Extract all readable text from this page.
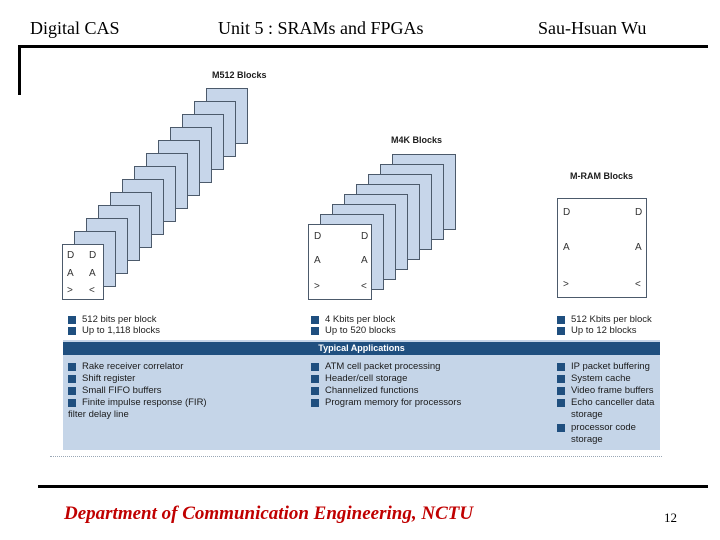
Digital CAS	Unit 5 : SRAMs and FPGAs	Sau-Hsuan Wu
M512 Blocks
D D
A A
> <
M4K Blocks
D	D
A	A
>	<
M-RAM Blocks
D	D
A	A
>	<
512 bits per block
Up to 1,118 blocks
4 Kbits per block
Up to 520 blocks
512 Kbits per block
Up to 12 blocks
Typical Applications
Rake receiver correlator
Shift register
Small FIFO buffers
Finite impulse response (FIR)
filter delay line
ATM cell packet processing
Header/cell storage
Channelized functions
Program memory for processors
IP packet buffering
System cache
Video frame buffers
Echo canceller data
storage
processor code
storage
Department of Communication Engineering, NCTU	12
